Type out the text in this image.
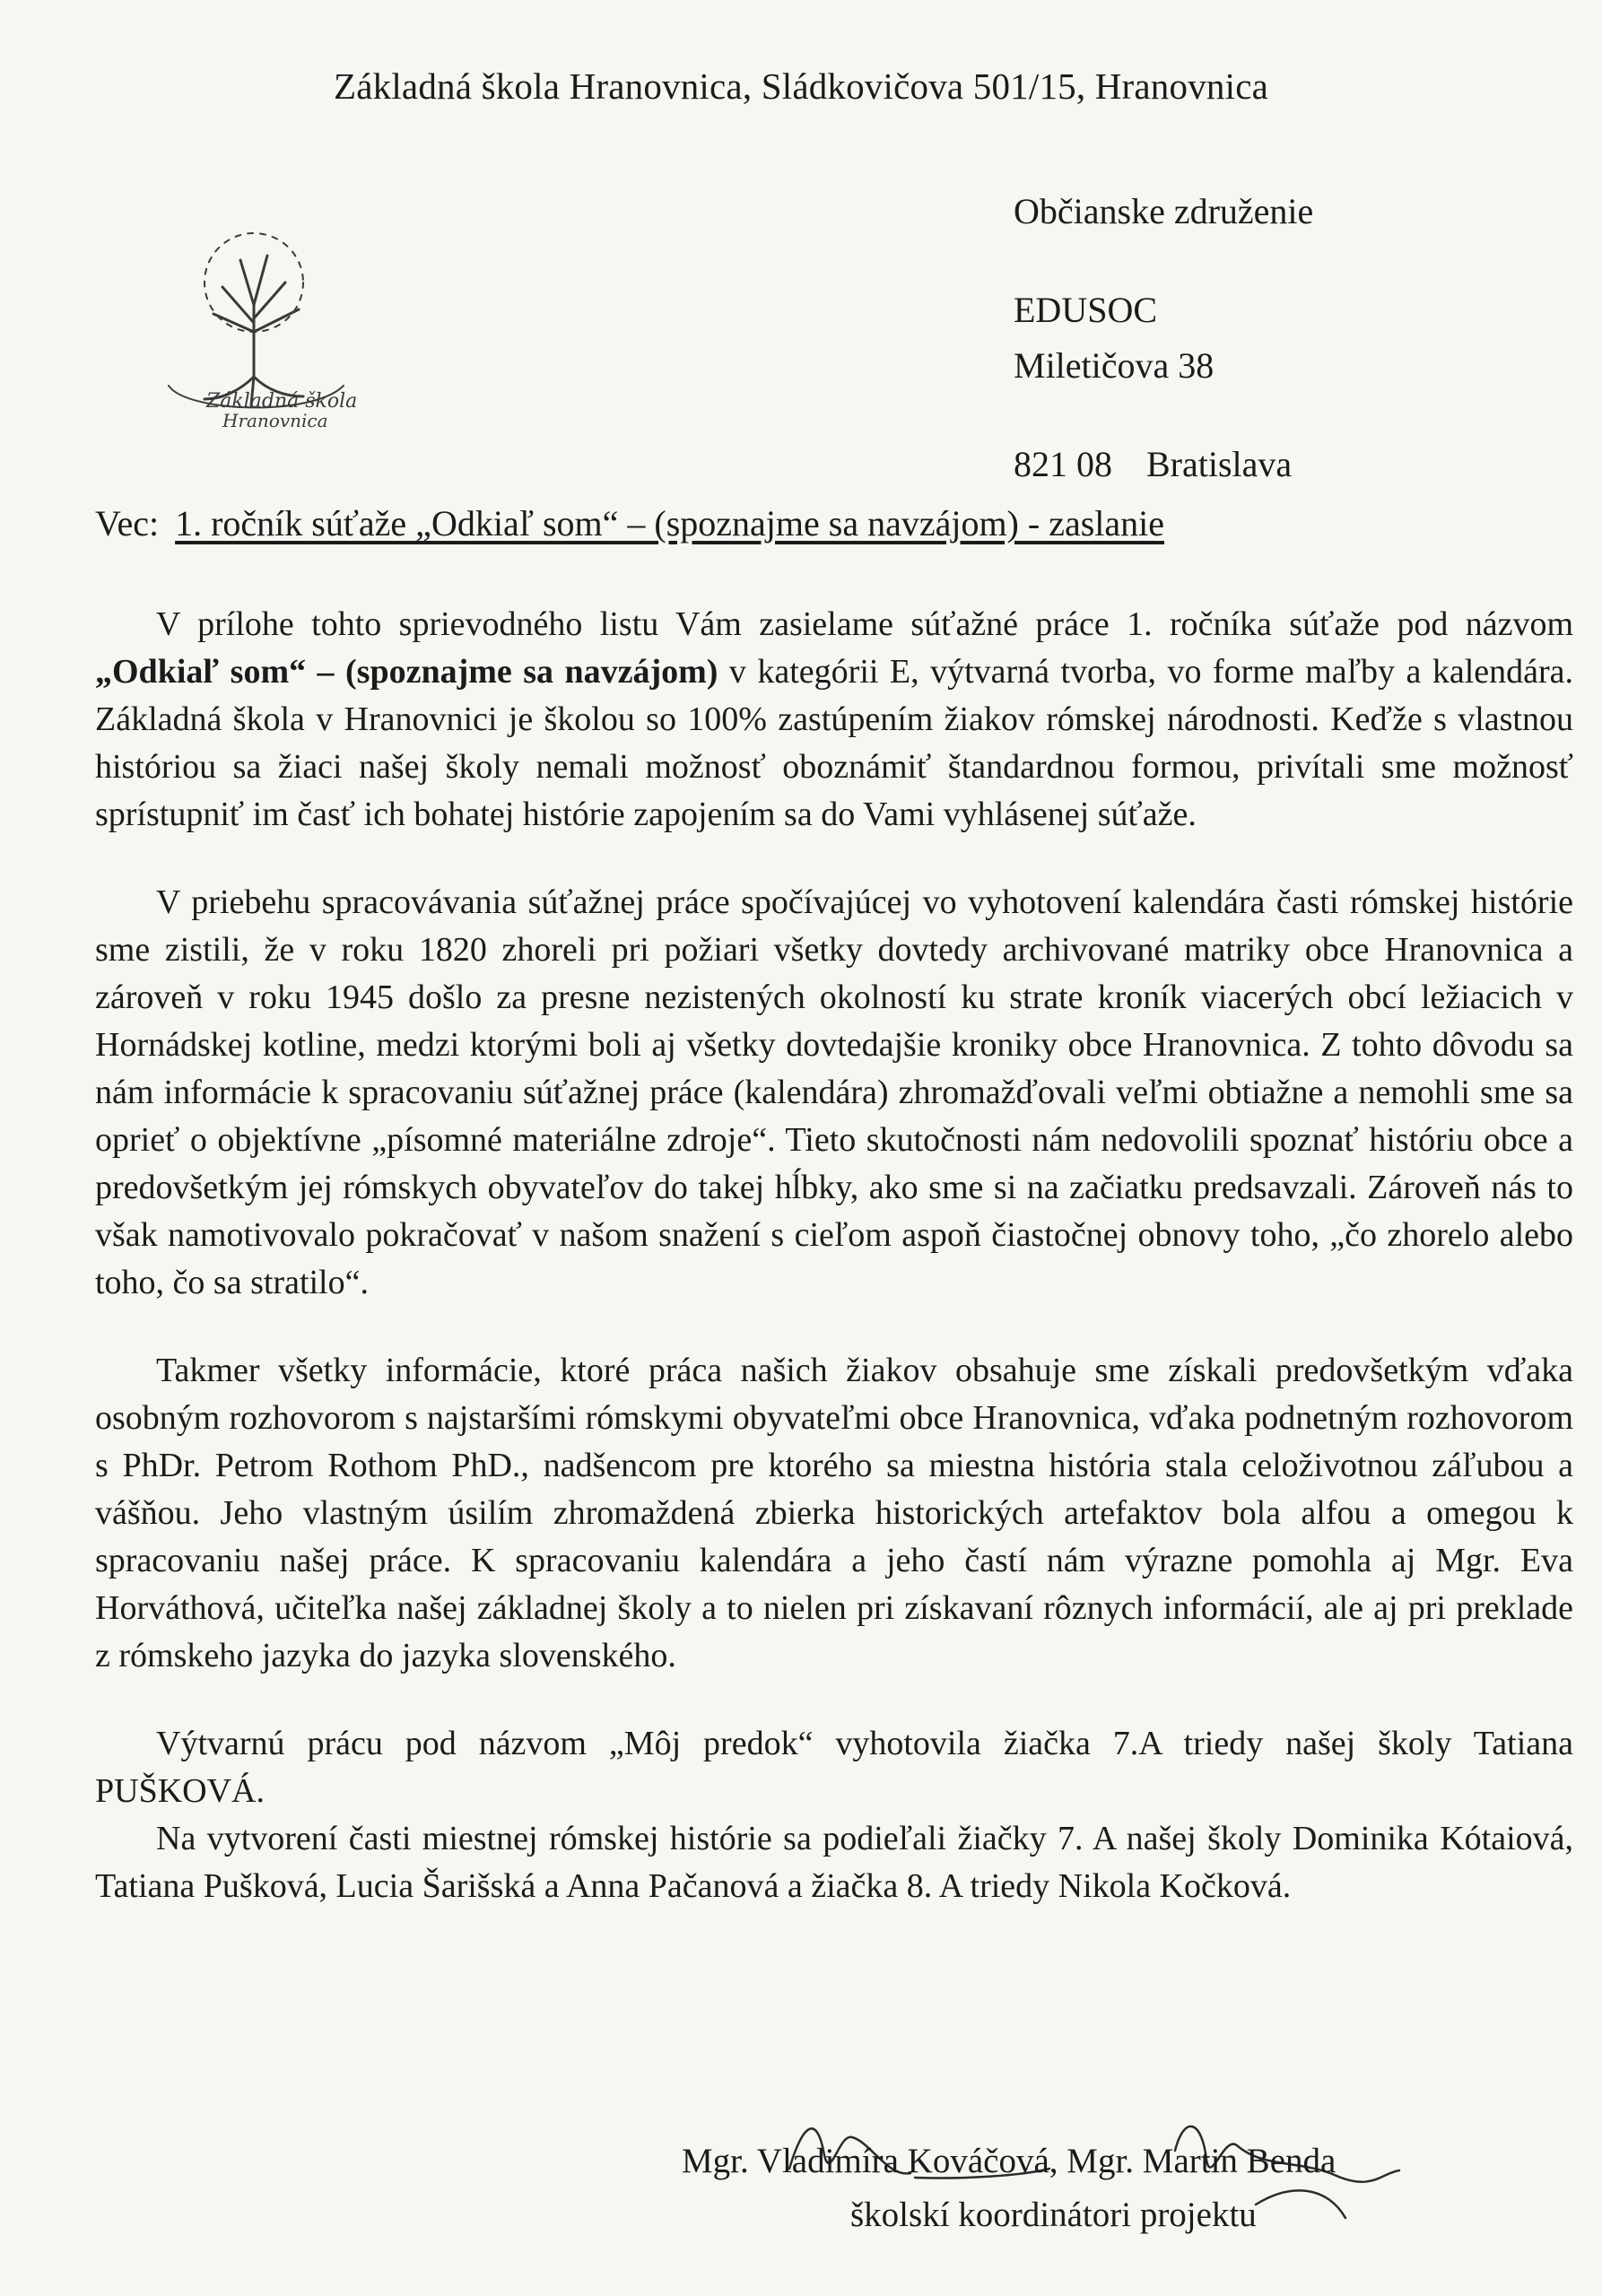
Základná škola Hranovnica, Sládkovičova 501/15, Hranovnica
Základná škola
Hranovnica
Občianske združenie
EDUSOC
Miletičova 38
821 08 Bratislava
Vec: 1. ročník súťaže „Odkiaľ som“ – (spoznajme sa navzájom) - zaslanie

V prílohe tohto sprievodného listu Vám zasielame súťažné práce 1. ročníka súťaže pod názvom „Odkiaľ som“ – (spoznajme sa navzájom) v kategórii E, výtvarná tvorba, vo forme maľby a kalendára. Základná škola v Hranovnici je školou so 100% zastúpením žiakov rómskej národnosti. Keďže s vlastnou históriou sa žiaci našej školy nemali možnosť oboznámiť štandardnou formou, privítali sme možnosť sprístupniť im časť ich bohatej histórie zapojením sa do Vami vyhlásenej súťaže.

V priebehu spracovávania súťažnej práce spočívajúcej vo vyhotovení kalendára časti rómskej histórie sme zistili, že v roku 1820 zhoreli pri požiari všetky dovtedy archivované matriky obce Hranovnica a zároveň v roku 1945 došlo za presne nezistených okolností ku strate kroník viacerých obcí ležiacich v Hornádskej kotline, medzi ktorými boli aj všetky dovtedajšie kroniky obce Hranovnica. Z tohto dôvodu sa nám informácie k spracovaniu súťažnej práce (kalendára) zhromažďovali veľmi obtiažne a nemohli sme sa oprieť o objektívne „písomné materiálne zdroje“. Tieto skutočnosti nám nedovolili spoznať históriu obce a predovšetkým jej rómskych obyvateľov do takej hĺbky, ako sme si na začiatku predsavzali. Zároveň nás to však namotivovalo pokračovať v našom snažení s cieľom aspoň čiastočnej obnovy toho, „čo zhorelo alebo toho, čo sa stratilo“.

Takmer všetky informácie, ktoré práca našich žiakov obsahuje sme získali predovšetkým vďaka osobným rozhovorom s najstaršími rómskymi obyvateľmi obce Hranovnica, vďaka podnetným rozhovorom s PhDr. Petrom Rothom PhD., nadšencom pre ktorého sa miestna história stala celoživotnou záľubou a vášňou. Jeho vlastným úsilím zhromaždená zbierka historických artefaktov bola alfou a omegou k spracovaniu našej práce. K spracovaniu kalendára a jeho častí nám výrazne pomohla aj Mgr. Eva Horváthová, učiteľka našej základnej školy a to nielen pri získavaní rôznych informácií, ale aj pri preklade z rómskeho jazyka do jazyka slovenského.

Výtvarnú prácu pod názvom „Môj predok“ vyhotovila žiačka 7.A triedy našej školy Tatiana PUŠKOVÁ.

Na vytvorení časti miestnej rómskej histórie sa podieľali žiačky 7. A našej školy Dominika Kótaiová, Tatiana Pušková, Lucia Šarišská a Anna Pačanová a žiačka 8. A triedy Nikola Kočková.

Mgr. Vladimíra Kováčová, Mgr. Martin Benda
školskí koordinátori projektu
